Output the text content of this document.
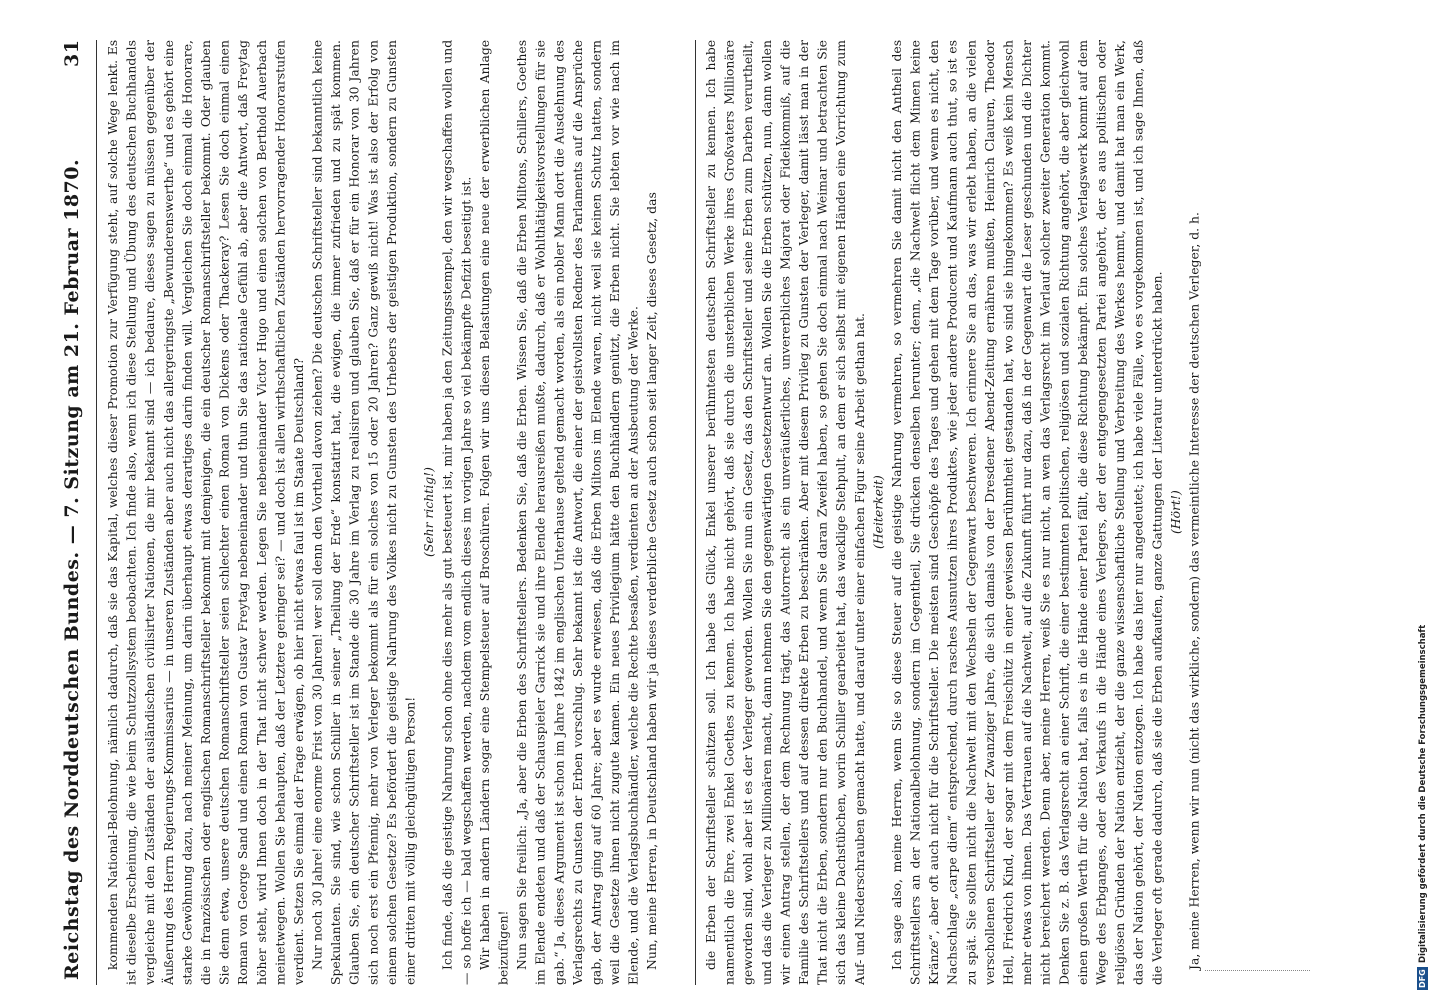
Reichstag des Norddeutschen Bundes. — 7. Sitzung am 21. Februar 1870.
31 kommenden National-Belohnung, nämlich dadurch, daß sie das Kapital, welches dieser Promotion zur Verfügung steht, auf solche Wege lenkt. Es ist dieselbe Erscheinung, die wie beim Schutzzollsystem beobachten. Ich finde also, wenn ich diese Stellung und Übung des deutschen Buchhandels vergleiche mit den Zuständen der ausländischen civilisirter Nationen, die mir bekannt sind — ich bedaure, dieses sagen zu müssen gegenüber der Äußerung des Herrn Regierungs-Kommissarius — in unseren Zuständen aber auch nicht das allergeringste „Bewunderenswerthe“ und es gehört eine starke Gewöhnung dazu, nach meiner Meinung, um darin überhaupt etwas derartiges darin finden will. Vergleichen Sie doch einmal die Honorare, die in französischen oder englischen Romanschriftsteller bekommt mit demjenigen, die ein deutscher Romanschriftsteller bekommt. Oder glauben Sie denn etwa, unsere deutschen Romanschriftsteller seien schlechter einen Roman von Dickens oder Thackeray? Lesen Sie doch einmal einen Roman von George Sand und einen Roman von Gustav Freytag nebeneinander und thun Sie das nationale Gefühl ab, aber die Antwort, daß Freytag höher steht, wird Ihnen doch in der That nicht schwer werden. Legen Sie nebeneinander Victor Hugo und einen solchen von Berthold Auerbach meinetwegen. Wollen Sie behaupten, daß der Letztere geringer sei? — und doch ist allen wirthschaftlichen Zuständen hervorragender Honorarstufen verdient. Setzen Sie einmal der Frage erwägen, ob hier nicht etwas faul ist im Staate Deutschland? Nur noch 30 Jahre! eine enorme Frist von 30 Jahren! wer soll denn den Vortheil davon ziehen? Die deutschen Schriftsteller sind bekanntlich keine Spekulanten. Sie sind, wie schon Schiller in seiner „Theilung der Erde“ konstatirt hat, die ewigen, die immer zufrieden und zu spät kommen. Glauben Sie, ein deutscher Schriftsteller ist im Stande die 30 Jahre im Verlag zu realisiren und glauben Sie, daß er für ein Honorar von 30 Jahren sich noch erst ein Pfennig, mehr von Verleger bekommt als für ein solches von 15 oder 20 Jahren? Ganz gewiß nicht! Was ist also der Erfolg von einem solchen Gesetze? Es befördert die geistige Nahrung des Volkes nicht zu Gunsten des Urhebers der geistigen Produktion, sondern zu Gunsten einer dritten mit völlig gleichgültigen Person!

(Sehr richtig!) Ich finde, daß die geistige Nahrung schon ohne dies mehr als gut besteuert ist, mir haben ja den Zeitungsstempel, den wir wegschaffen wollen und — so hoffe ich — bald wegschaffen werden, nachdem vom endlich dieses im vorigen Jahre so viel bekämpfte Defizit beseitigt ist. Wir haben in andern Ländern sogar eine Stempelsteuer auf Broschüren. Folgen wir uns diesen Belastungen eine neue der erwerblichen Anlage beizufügen! Nun sagen Sie freilich: „Ja, aber die Erben des Schriftstellers. Bedenken Sie, daß die Erben. Wissen Sie, daß die Erben Miltons, Schillers, Goethes im Elende endeten und daß der Schauspieler Garrick sie und ihre Elende herausreißen mußte, dadurch, daß er Wohlthätigkeitsvorstellungen für sie gab.“ Ja, dieses Argument ist schon im Jahre 1842 im englischen Unterhause geltend gemacht worden, als ein nobler Mann dort die Ausdehnung des Verlagsrechts zu Gunsten der Erben vorschlug. Sehr bekannt ist die Antwort, die einer der geistvollsten Redner des Parlaments auf die Ansprüche gab, der Antrag ging auf 60 Jahre; aber es wurde erwiesen, daß die Erben Miltons im Elende waren, nicht weil sie keinen Schutz hatten, sondern weil die Gesetze ihnen nicht zugute kamen. Ein neues Privilegium hätte den Buchhändlern genützt, die Erben nicht. Sie lebten vor wie nach im Elende, und die Verlagsbuchhändler, welche die Rechte besaßen, verdienten an der Ausbeutung der Werke. Nun, meine Herren, in Deutschland haben wir ja dieses verderbliche Gesetz auch schon seit langer Zeit, dieses Gesetz, das	die Erben der Schriftsteller schützen soll. Ich habe das Glück, Enkel unserer berühmtesten deutschen Schriftsteller zu kennen. Ich habe namentlich die Ehre, zwei Enkel Goethes zu kennen. Ich habe nicht gehört, daß sie durch die unsterblichen Werke ihres Großvaters Millionäre geworden sind, wohl aber ist es der Verleger geworden. Wollen Sie nun ein Gesetz, das den Schriftsteller und seine Erben zum Darben verurtheilt, und das die Verleger zu Millionären macht, dann nehmen Sie den gegenwärtigen Gesetzentwurf an. Wollen Sie die Erben schützen, nun, dann wollen wir einen Antrag stellen, der dem Rechnung trägt, das Autorrecht als ein unveräußerliches, unvererbliches Majorat oder Fideikommiß, auf die Familie des Schriftstellers und auf dessen direkte Erben zu beschränken. Aber mit diesem Privileg zu Gunsten der Verleger, damit lässt man in der That nicht die Erben, sondern nur den Buchhandel, und wenn Sie daran Zweifel haben, so gehen Sie doch einmal nach Weimar und betrachten Sie sich das kleine Dachstübchen, worin Schiller gearbeitet hat, das wacklige Stehpult, an dem er sich selbst mit eigenen Händen eine Vorrichtung zum Auf- und Niederschrauben gemacht hatte, und darauf unter einer einfachen Figur seine Arbeit gethan hat. (Heiterkeit) Ich sage also, meine Herren, wenn Sie so diese Steuer auf die geistige Nahrung vermehren, so vermehren Sie damit nicht den Antheil des Schriftstellers an der Nationalbelohnung, sondern im Gegentheil, Sie drücken denselben herunter; denn, „die Nachwelt flicht dem Mimen keine Kränze“, aber oft auch nicht für die Schriftsteller. Die meisten sind Geschöpfe des Tages und gehen mit dem Tage vorüber, und wenn es nicht, den Nachschlage „carpe diem“ entsprechend, durch rasches Ausnutzen ihres Produktes, wie jeder andere Producent und Kaufmann auch thut, so ist es zu spät. Sie sollten nicht die Nachwelt mit den Wechseln der Gegenwart beschweren. Ich erinnere Sie an das, was wir erlebt haben, an die vielen verschollenen Schriftsteller der Zwanziger Jahre, die sich damals von der Dresdener Abend-Zeitung ernähren mußten, Heinrich Clauren, Theodor Hell, Friedrich Kind, der sogar mit dem Freischütz in einer gewissen Berühmtheit gestanden hat, wo sind sie hingekommen? Es weiß kein Mensch mehr etwas von ihnen. Das Vertrauen auf die Nachwelt, auf die Zukunft führt nur dazu, daß in der Gegenwart die Leser geschunden und die Dichter nicht bereichert werden. Denn aber, meine Herren, weiß Sie es nur nicht, an wen das Verlagsrecht im Verlauf solcher zweiter Generation kommt. Denken Sie z. B. das Verlagsrecht an einer Schrift, die einer bestimmten politischen, religiösen und sozialen Richtung angehört, die aber gleichwohl einen großen Werth für die Nation hat, falls es in die Hände einer Partei fällt, die diese Richtung bekämpft. Ein solches Verlagswerk kommt auf dem Wege des Erbganges, oder des Verkaufs in die Hände eines Verlegers, der der entgegengesetzten Partei angehört, der es aus politischen oder religiösen Gründen der Nation entzieht, der die ganze wissenschaftliche Stellung und Verbreitung des Werkes hemmt, und damit hat man ein Werk, das der Nation gehört, der Nation entzogen. Ich habe das hier nur angedeutet; ich habe viele Fälle, wo es vorgekommen ist, und ich sage Ihnen, daß die Verleger oft gerade dadurch, daß sie die Erben aufkaufen, ganze Gattungen der Literatur unterdrückt haben. (Hört!) Ja, meine Herren, wenn wir nun (nicht das wirkliche, sondern) das vermeintliche Interesse der deutschen Verleger, d. h.

DFG
Digitalisierung gefördert durch die Deutsche Forschungsgemeinschaft
